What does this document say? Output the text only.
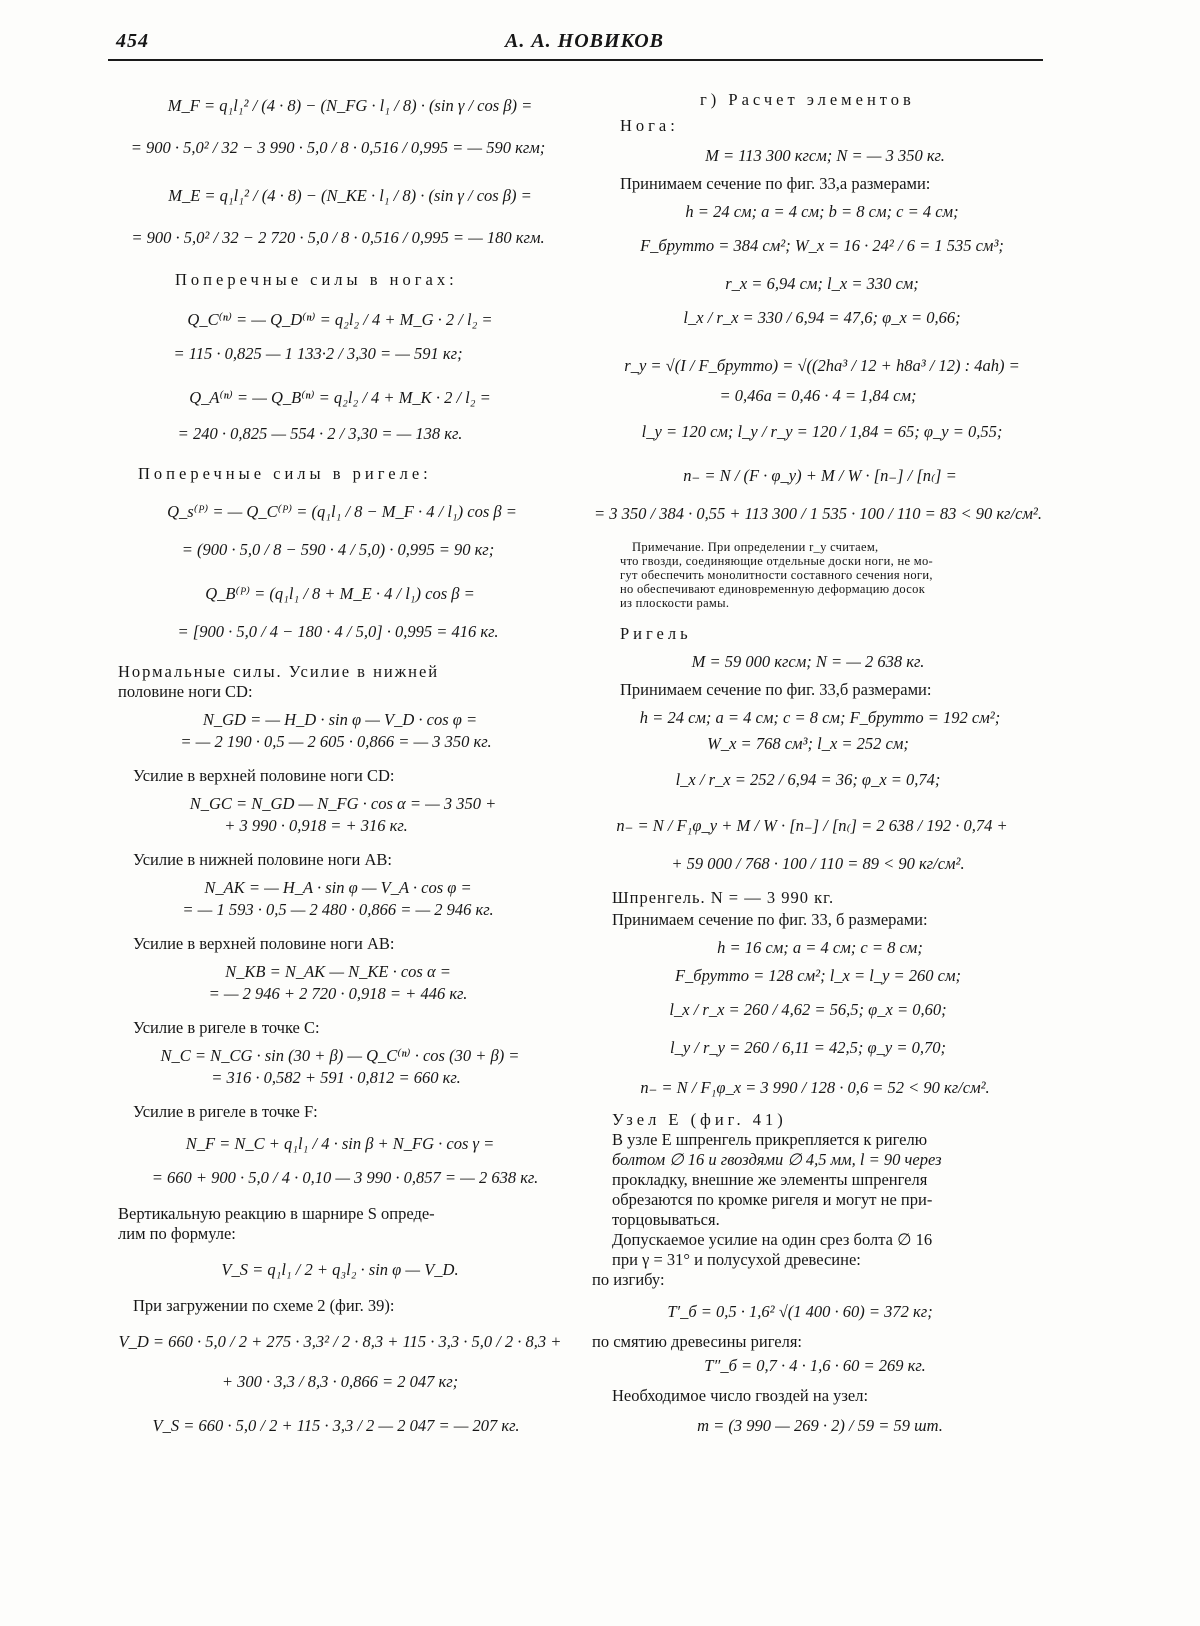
454	А. А. НОВИКОВ
M_F = q₁l₁² / (4 · 8) − (N_FG · l₁ / 8) · (sin γ / cos β) =
= 900 · 5,0² / 32 − 3 990 · 5,0 / 8 · 0,516 / 0,995 = — 590 кгм;
M_E = q₁l₁² / (4 · 8) − (N_KE · l₁ / 8) · (sin γ / cos β) =
= 900 · 5,0² / 32 − 2 720 · 5,0 / 8 · 0,516 / 0,995 = — 180 кгм.
Поперечные силы в ногах:
Q_C⁽ⁿ⁾ = — Q_D⁽ⁿ⁾ = q₂l₂ / 4 + M_G · 2 / l₂ =
= 115 · 0,825 — 1 133·2 / 3,30 = — 591 кг;
Q_A⁽ⁿ⁾ = — Q_B⁽ⁿ⁾ = q₂l₂ / 4 + M_K · 2 / l₂ =
= 240 · 0,825 — 554 · 2 / 3,30 = — 138 кг.
Поперечные силы в ригеле:
Q_s⁽ᴾ⁾ = — Q_C⁽ᴾ⁾ = (q₁l₁ / 8 − M_F · 4 / l₁) cos β =
= (900 · 5,0 / 8 − 590 · 4 / 5,0) · 0,995 = 90 кг;
Q_B⁽ᴾ⁾ = (q₁l₁ / 8 + M_E · 4 / l₁) cos β =
= [900 · 5,0 / 4 − 180 · 4 / 5,0] · 0,995 = 416 кг.
Нормальные силы. Усилие в нижней
половине ноги CD:
N_GD = — H_D · sin φ — V_D · cos φ =
= — 2 190 · 0,5 — 2 605 · 0,866 = — 3 350 кг.
Усилие в верхней половине ноги CD:
N_GC = N_GD — N_FG · cos α = — 3 350 +
+ 3 990 · 0,918 = + 316 кг.
Усилие в нижней половине ноги AB:
N_AK = — H_A · sin φ — V_A · cos φ =
= — 1 593 · 0,5 — 2 480 · 0,866 = — 2 946 кг.
Усилие в верхней половине ноги AB:
N_KB = N_AK — N_KE · cos α =
= — 2 946 + 2 720 · 0,918 = + 446 кг.
Усилие в ригеле в точке C:
N_C = N_CG · sin (30 + β) — Q_C⁽ⁿ⁾ · cos (30 + β) =
= 316 · 0,582 + 591 · 0,812 = 660 кг.
Усилие в ригеле в точке F:
N_F = N_C + q₁l₁ / 4 · sin β + N_FG · cos γ =
= 660 + 900 · 5,0 / 4 · 0,10 — 3 990 · 0,857 = — 2 638 кг.
Вертикальную реакцию в шарнире S опреде-
лим по формуле:
V_S = q₁l₁ / 2 + q₃l₂ · sin φ — V_D.
При загружении по схеме 2 (фиг. 39):
V_D = 660 · 5,0 / 2 + 275 · 3,3² / 2 · 8,3 + 115 · 3,3 · 5,0 / 2 · 8,3 +
+ 300 · 3,3 / 8,3 · 0,866 = 2 047 кг;
V_S = 660 · 5,0 / 2 + 115 · 3,3 / 2 — 2 047 = — 207 кг.
г) Расчет элементов
Нога:
M = 113 300 кгсм; N = — 3 350 кг.
Принимаем сечение по фиг. 33,а размерами:
h = 24 см; a = 4 см; b = 8 см; c = 4 см;
F_брутто = 384 см²; W_x = 16 · 24² / 6 = 1 535 см³;
r_x = 6,94 см; l_x = 330 см;
l_x / r_x = 330 / 6,94 = 47,6; φ_x = 0,66;
r_y = √(I / F_брутто) = √((2ha³ / 12 + h8a³ / 12) : 4ah) =
= 0,46a = 0,46 · 4 = 1,84 см;
l_y = 120 см; l_y / r_y = 120 / 1,84 = 65; φ_y = 0,55;
n₋ = N / (F · φ_y) + M / W · [n₋] / [n₍] =
= 3 350 / 384 · 0,55 + 113 300 / 1 535 · 100 / 110 = 83 < 90 кг/см².
Примечание. При определении r_y считаем,
что гвозди, соединяющие отдельные доски ноги, не мо-
гут обеспечить монолитности составного сечения ноги,
но обеспечивают единовременную деформацию досок
из плоскости рамы.
Ригель
M = 59 000 кгсм; N = — 2 638 кг.
Принимаем сечение по фиг. 33,б размерами:
h = 24 см; a = 4 см; c = 8 см; F_брутто = 192 см²;
W_x = 768 см³; l_x = 252 см;
l_x / r_x = 252 / 6,94 = 36; φ_x = 0,74;
n₋ = N / F₁φ_y + M / W · [n₋] / [n₍] = 2 638 / 192 · 0,74 +
+ 59 000 / 768 · 100 / 110 = 89 < 90 кг/см².
Шпренгель. N = — 3 990 кг.
Принимаем сечение по фиг. 33, б размерами:
h = 16 см; a = 4 см; c = 8 см;
F_брутто = 128 см²; l_x = l_y = 260 см;
l_x / r_x = 260 / 4,62 = 56,5; φ_x = 0,60;
l_y / r_y = 260 / 6,11 = 42,5; φ_y = 0,70;
n₋ = N / F₁φ_x = 3 990 / 128 · 0,6 = 52 < 90 кг/см².
Узел E (фиг. 41)
В узле E шпренгель прикрепляется к ригелю
болтом ∅ 16 и гвоздями ∅ 4,5 мм, l = 90 через
прокладку, внешние же элементы шпренгеля
обрезаются по кромке ригеля и могут не при-
торцовываться.
Допускаемое усилие на один срез болта ∅ 16
при γ = 31° и полусухой древесине:
по изгибу:
T′_б = 0,5 · 1,6² √(1 400 · 60) = 372 кг;
по смятию древесины ригеля:
T″_б = 0,7 · 4 · 1,6 · 60 = 269 кг.
Необходимое число гвоздей на узел:
m = (3 990 — 269 · 2) / 59 = 59 шт.
